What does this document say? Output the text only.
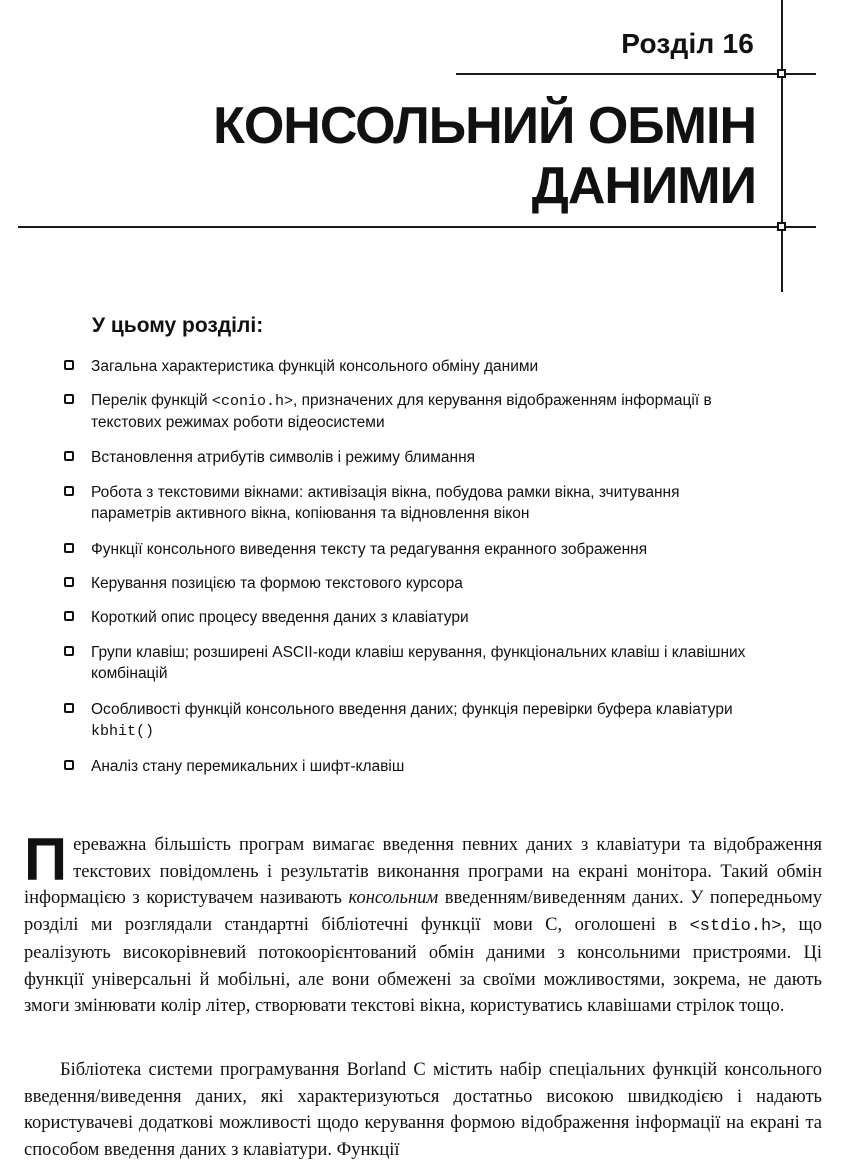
Розділ 16
КОНСОЛЬНИЙ ОБМІН
ДАНИМИ
У цьому розділі:
Загальна характеристика функцій консольного обміну даними
Перелік функцій <conio.h>, призначених для керування відображенням інформації в текстових режимах роботи відеосистеми
Встановлення атрибутів символів і режиму блимання
Робота з текстовими вікнами: активізація вікна, побудова рамки вікна, зчитування параметрів активного вікна, копіювання та відновлення вікон
Функції консольного виведення тексту та редагування екранного зображення
Керування позицією та формою текстового курсора
Короткий опис процесу введення даних з клавіатури
Групи клавіш; розширені ASCII-коди клавіш керування, функціональних клавіш і клавішних комбінацій
Особливості функцій консольного введення даних; функція перевірки буфера клавіатури kbhit()
Аналіз стану перемикальних і шифт-клавіш
Переважна більшість програм вимагає введення певних даних з клавіатури та відображення текстових повідомлень і результатів виконання програми на екрані монітора. Такий обмін інформацією з користувачем називають консольним введенням/виведенням даних. У попередньому розділі ми розглядали стандартні бібліотечні функції мови С, оголошені в <stdio.h>, що реалізують високорівневий потокоорієнтований обмін даними з консольними пристроями. Ці функції універсальні й мобільні, але вони обмежені за своїми можливостями, зокрема, не дають змоги змінювати колір літер, створювати текстові вікна, користуватись клавішами стрілок тощо.
Бібліотека системи програмування Borland С містить набір спеціальних функцій консольного введення/виведення даних, які характеризуються достатньо високою швидкодією і надають користувачеві додаткові можливості щодо керування формою відображення інформації на екрані та способом введення даних з клавіатури. Функції
